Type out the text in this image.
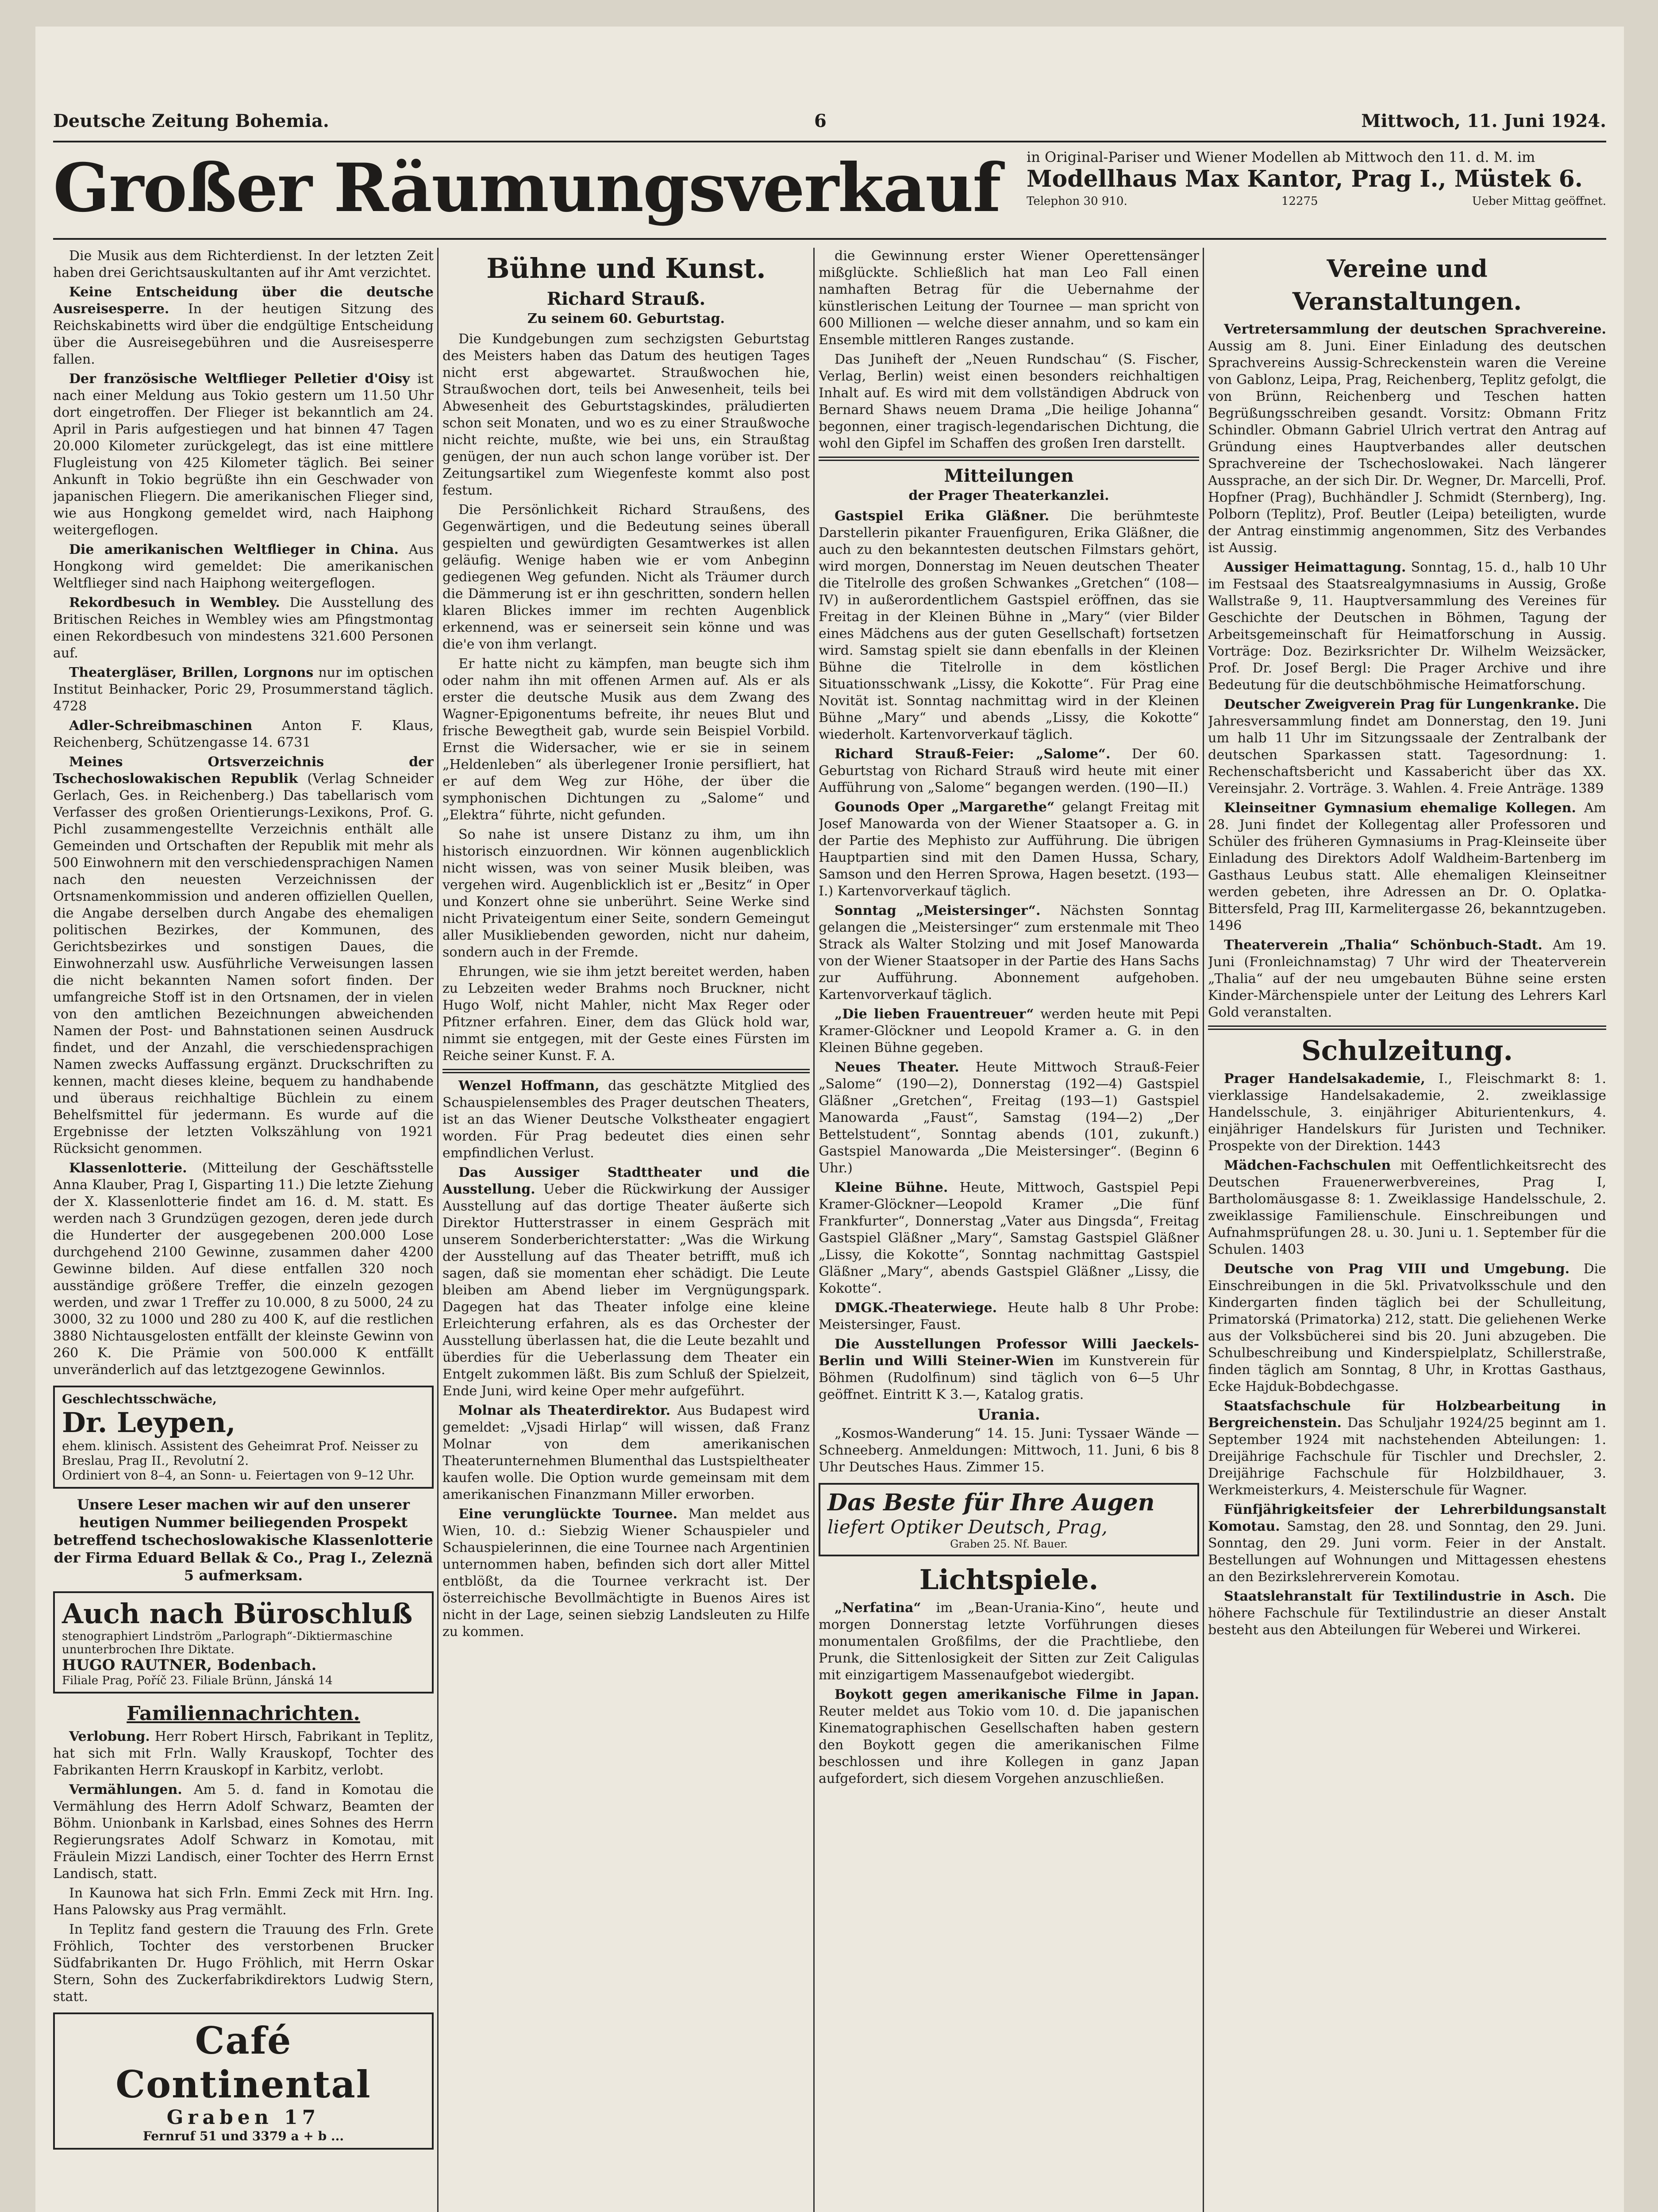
Deutsche Zeitung Bohemia.	6	Mittwoch, 11. Juni 1924.
Großer Räumungsverkauf	in Original-Pariser und Wiener Modellen ab Mittwoch den 11. d. M. im
Modellhaus Max Kantor, Prag I., Müstek 6.
Telephon 30 910.	12275	Ueber Mittag geöffnet.

Die Musik aus dem Richterdienst. In der letzten Zeit haben drei Gerichtsauskultanten auf ihr Amt verzichtet.

Keine Entscheidung über die deutsche Ausreisesperre. In der heutigen Sitzung des Reichskabinetts wird über die endgültige Entscheidung über die Ausreisegebühren und die Ausreisesperre fallen.

Der französische Weltflieger Pelletier d'Oisy ist nach einer Meldung aus Tokio gestern um 11.50 Uhr dort eingetroffen. Der Flieger ist bekanntlich am 24. April in Paris aufgestiegen und hat binnen 47 Tagen 20.000 Kilometer zurückgelegt, das ist eine mittlere Flugleistung von 425 Kilometer täglich. Bei seiner Ankunft in Tokio begrüßte ihn ein Geschwader von japanischen Fliegern. Die amerikanischen Flieger sind, wie aus Hongkong gemeldet wird, nach Haiphong weitergeflogen.

Die amerikanischen Weltflieger in China. Aus Hongkong wird gemeldet: Die amerikanischen Weltflieger sind nach Haiphong weitergeflogen.

Rekordbesuch in Wembley. Die Ausstellung des Britischen Reiches in Wembley wies am Pfingstmontag einen Rekordbesuch von mindestens 321.600 Personen auf.

Theatergläser, Brillen, Lorgnons nur im optischen Institut Beinhacker, Poric 29, Prosummerstand täglich. 4728

Adler-Schreibmaschinen Anton F. Klaus, Reichenberg, Schützengasse 14. 6731

Meines Ortsverzeichnis der Tschechoslowakischen Republik (Verlag Schneider Gerlach, Ges. in Reichenberg.) Das tabellarisch vom Verfasser des großen Orientierungs-Lexikons, Prof. G. Pichl zusammengestellte Verzeichnis enthält alle Gemeinden und Ortschaften der Republik mit mehr als 500 Einwohnern mit den verschiedensprachigen Namen nach den neuesten Verzeichnissen der Ortsnamenkommission und anderen offiziellen Quellen, die Angabe derselben durch Angabe des ehemaligen politischen Bezirkes, der Kommunen, des Gerichtsbezirkes und sonstigen Daues, die Einwohnerzahl usw. Ausführliche Verweisungen lassen die nicht bekannten Namen sofort finden. Der umfangreiche Stoff ist in den Ortsnamen, der in vielen von den amtlichen Bezeichnungen abweichenden Namen der Post- und Bahnstationen seinen Ausdruck findet, und der Anzahl, die verschiedensprachigen Namen zwecks Auffassung ergänzt. Druckschriften zu kennen, macht dieses kleine, bequem zu handhabende und überaus reichhaltige Büchlein zu einem Behelfsmittel für jedermann. Es wurde auf die Ergebnisse der letzten Volkszählung von 1921 Rücksicht genommen.

Klassenlotterie. (Mitteilung der Geschäftsstelle Anna Klauber, Prag I, Gisparting 11.) Die letzte Ziehung der X. Klassenlotterie findet am 16. d. M. statt. Es werden nach 3 Grundzügen gezogen, deren jede durch die Hunderter der ausgegebenen 200.000 Lose durchgehend 2100 Gewinne, zusammen daher 4200 Gewinne bilden. Auf diese entfallen 320 noch ausständige größere Treffer, die einzeln gezogen werden, und zwar 1 Treffer zu 10.000, 8 zu 5000, 24 zu 3000, 32 zu 1000 und 280 zu 400 K, auf die restlichen 3880 Nichtausgelosten entfällt der kleinste Gewinn von 260 K. Die Prämie von 500.000 K entfällt unveränderlich auf das letztgezogene Gewinnlos.

Geschlechtsschwäche,
Dr. Leypen,
ehem. klinisch. Assistent des Geheimrat Prof. Neisser zu Breslau, Prag II., Revolutní 2.
Ordiniert von 8–4, an Sonn- u. Feiertagen von 9–12 Uhr.
Unsere Leser machen wir auf den unserer heutigen Nummer beiliegenden Prospekt betreffend tschechoslowakische Klassenlotterie der Firma Eduard Bellak & Co., Prag I., Zeleznä 5 aufmerksam.
Auch nach Büroschluß
stenographiert Lindström „Parlograph“-Diktiermaschine ununterbrochen Ihre Diktate.
HUGO RAUTNER, Bodenbach.
Filiale Prag, Poříč 23. Filiale Brünn, Jánská 14
Familiennachrichten.

Verlobung. Herr Robert Hirsch, Fabrikant in Teplitz, hat sich mit Frln. Wally Krauskopf, Tochter des Fabrikanten Herrn Krauskopf in Karbitz, verlobt.

Vermählungen. Am 5. d. fand in Komotau die Vermählung des Herrn Adolf Schwarz, Beamten der Böhm. Unionbank in Karlsbad, eines Sohnes des Herrn Regierungsrates Adolf Schwarz in Komotau, mit Fräulein Mizzi Landisch, einer Tochter des Herrn Ernst Landisch, statt.

In Kaunowa hat sich Frln. Emmi Zeck mit Hrn. Ing. Hans Palowsky aus Prag vermählt.

In Teplitz fand gestern die Trauung des Frln. Grete Fröhlich, Tochter des verstorbenen Brucker Südfabrikanten Dr. Hugo Fröhlich, mit Herrn Oskar Stern, Sohn des Zuckerfabrikdirektors Ludwig Stern, statt.

Café Continental
Graben 17
Fernruf 51 und 3379 a + b ...
Bühne und Kunst.
Richard Strauß.
Zu seinem 60. Geburtstag.

Die Kundgebungen zum sechzigsten Geburtstag des Meisters haben das Datum des heutigen Tages nicht erst abgewartet. Straußwochen hie, Straußwochen dort, teils bei Anwesenheit, teils bei Abwesenheit des Geburtstagskindes, präludierten schon seit Monaten, und wo es zu einer Straußwoche nicht reichte, mußte, wie bei uns, ein Straußtag genügen, der nun auch schon lange vorüber ist. Der Zeitungsartikel zum Wiegenfeste kommt also post festum.

Die Persönlichkeit Richard Straußens, des Gegenwärtigen, und die Bedeutung seines überall gespielten und gewürdigten Gesamtwerkes ist allen geläufig. Wenige haben wie er vom Anbeginn gediegenen Weg gefunden. Nicht als Träumer durch die Dämmerung ist er ihn geschritten, sondern hellen klaren Blickes immer im rechten Augenblick erkennend, was er seinerseit sein könne und was die'e von ihm verlangt.

Er hatte nicht zu kämpfen, man beugte sich ihm oder nahm ihn mit offenen Armen auf. Als er als erster die deutsche Musik aus dem Zwang des Wagner-Epigonentums befreite, ihr neues Blut und frische Bewegtheit gab, wurde sein Beispiel Vorbild. Ernst die Widersacher, wie er sie in seinem „Heldenleben“ als überlegener Ironie persifliert, hat er auf dem Weg zur Höhe, der über die symphonischen Dichtungen zu „Salome“ und „Elektra“ führte, nicht gefunden.

So nahe ist unsere Distanz zu ihm, um ihn historisch einzuordnen. Wir können augenblicklich nicht wissen, was von seiner Musik bleiben, was vergehen wird. Augenblicklich ist er „Besitz“ in Oper und Konzert ohne sie unberührt. Seine Werke sind nicht Privateigentum einer Seite, sondern Gemeingut aller Musikliebenden geworden, nicht nur daheim, sondern auch in der Fremde.

Ehrungen, wie sie ihm jetzt bereitet werden, haben zu Lebzeiten weder Brahms noch Bruckner, nicht Hugo Wolf, nicht Mahler, nicht Max Reger oder Pfitzner erfahren. Einer, dem das Glück hold war, nimmt sie entgegen, mit der Geste eines Fürsten im Reiche seiner Kunst. F. A.

Wenzel Hoffmann, das geschätzte Mitglied des Schauspielensembles des Prager deutschen Theaters, ist an das Wiener Deutsche Volkstheater engagiert worden. Für Prag bedeutet dies einen sehr empfindlichen Verlust.

Das Aussiger Stadttheater und die Ausstellung. Ueber die Rückwirkung der Aussiger Ausstellung auf das dortige Theater äußerte sich Direktor Hutterstrasser in einem Gespräch mit unserem Sonderberichterstatter: „Was die Wirkung der Ausstellung auf das Theater betrifft, muß ich sagen, daß sie momentan eher schädigt. Die Leute bleiben am Abend lieber im Vergnügungspark. Dagegen hat das Theater infolge eine kleine Erleichterung erfahren, als es das Orchester der Ausstellung überlassen hat, die die Leute bezahlt und überdies für die Ueberlassung dem Theater ein Entgelt zukommen läßt. Bis zum Schluß der Spielzeit, Ende Juni, wird keine Oper mehr aufgeführt.

Molnar als Theaterdirektor. Aus Budapest wird gemeldet: „Vjsadi Hirlap“ will wissen, daß Franz Molnar von dem amerikanischen Theaterunternehmen Blumenthal das Lustspieltheater kaufen wolle. Die Option wurde gemeinsam mit dem amerikanischen Finanzmann Miller erworben.

Eine verunglückte Tournee. Man meldet aus Wien, 10. d.: Siebzig Wiener Schauspieler und Schauspielerinnen, die eine Tournee nach Argentinien unternommen haben, befinden sich dort aller Mittel entblößt, da die Tournee verkracht ist. Der österreichische Bevollmächtigte in Buenos Aires ist nicht in der Lage, seinen siebzig Landsleuten zu Hilfe zu kommen.

die Gewinnung erster Wiener Operettensänger mißglückte. Schließlich hat man Leo Fall einen namhaften Betrag für die Uebernahme der künstlerischen Leitung der Tournee — man spricht von 600 Millionen — welche dieser annahm, und so kam ein Ensemble mittleren Ranges zustande.

Das Juniheft der „Neuen Rundschau“ (S. Fischer, Verlag, Berlin) weist einen besonders reichhaltigen Inhalt auf. Es wird mit dem vollständigen Abdruck von Bernard Shaws neuem Drama „Die heilige Johanna“ begonnen, einer tragisch-legendarischen Dichtung, die wohl den Gipfel im Schaffen des großen Iren darstellt.

Mitteilungen
der Prager Theaterkanzlei.

Gastspiel Erika Gläßner. Die berühmteste Darstellerin pikanter Frauenfiguren, Erika Gläßner, die auch zu den bekanntesten deutschen Filmstars gehört, wird morgen, Donnerstag im Neuen deutschen Theater die Titelrolle des großen Schwankes „Gretchen“ (108—IV) in außerordentlichem Gastspiel eröffnen, das sie Freitag in der Kleinen Bühne in „Mary“ (vier Bilder eines Mädchens aus der guten Gesellschaft) fortsetzen wird. Samstag spielt sie dann ebenfalls in der Kleinen Bühne die Titelrolle in dem köstlichen Situationsschwank „Lissy, die Kokotte“. Für Prag eine Novität ist. Sonntag nachmittag wird in der Kleinen Bühne „Mary“ und abends „Lissy, die Kokotte“ wiederholt. Kartenvorverkauf täglich.

Richard Strauß-Feier: „Salome“. Der 60. Geburtstag von Richard Strauß wird heute mit einer Aufführung von „Salome“ begangen werden. (190—II.)

Gounods Oper „Margarethe“ gelangt Freitag mit Josef Manowarda von der Wiener Staatsoper a. G. in der Partie des Mephisto zur Aufführung. Die übrigen Hauptpartien sind mit den Damen Hussa, Schary, Samson und den Herren Sprowa, Hagen besetzt. (193—I.) Kartenvorverkauf täglich.

Sonntag „Meistersinger“. Nächsten Sonntag gelangen die „Meistersinger“ zum erstenmale mit Theo Strack als Walter Stolzing und mit Josef Manowarda von der Wiener Staatsoper in der Partie des Hans Sachs zur Aufführung. Abonnement aufgehoben. Kartenvorverkauf täglich.

„Die lieben Frauentreuer“ werden heute mit Pepi Kramer-Glöckner und Leopold Kramer a. G. in den Kleinen Bühne gegeben.

Neues Theater. Heute Mittwoch Strauß-Feier „Salome“ (190—2), Donnerstag (192—4) Gastspiel Gläßner „Gretchen“, Freitag (193—1) Gastspiel Manowarda „Faust“, Samstag (194—2) „Der Bettelstudent“, Sonntag abends (101, zukunft.) Gastspiel Manowarda „Die Meistersinger“. (Beginn 6 Uhr.)

Kleine Bühne. Heute, Mittwoch, Gastspiel Pepi Kramer-Glöckner—Leopold Kramer „Die fünf Frankfurter“, Donnerstag „Vater aus Dingsda“, Freitag Gastspiel Gläßner „Mary“, Samstag Gastspiel Gläßner „Lissy, die Kokotte“, Sonntag nachmittag Gastspiel Gläßner „Mary“, abends Gastspiel Gläßner „Lissy, die Kokotte“.

DMGK.-Theaterwiege. Heute halb 8 Uhr Probe: Meistersinger, Faust.

Die Ausstellungen Professor Willi Jaeckels-Berlin und Willi Steiner-Wien im Kunstverein für Böhmen (Rudolfinum) sind täglich von 6—5 Uhr geöffnet. Eintritt K 3.—, Katalog gratis.

Urania.

„Kosmos-Wanderung“ 14. 15. Juni: Tyssaer Wände — Schneeberg. Anmeldungen: Mittwoch, 11. Juni, 6 bis 8 Uhr Deutsches Haus. Zimmer 15.

Das Beste für Ihre Augen
liefert Optiker Deutsch, Prag,
Graben 25. Nf. Bauer.
Lichtspiele.

„Nerfatina“ im „Bean-Urania-Kino“, heute und morgen Donnerstag letzte Vorführungen dieses monumentalen Großfilms, der die Prachtliebe, den Prunk, die Sittenlosigkeit der Sitten zur Zeit Caligulas mit einzigartigem Massenaufgebot wiedergibt.

Boykott gegen amerikanische Filme in Japan. Reuter meldet aus Tokio vom 10. d. Die japanischen Kinematographischen Gesellschaften haben gestern den Boykott gegen die amerikanischen Filme beschlossen und ihre Kollegen in ganz Japan aufgefordert, sich diesem Vorgehen anzuschließen.

Vereine und Veranstaltungen.

Vertretersammlung der deutschen Sprachvereine. Aussig am 8. Juni. Einer Einladung des deutschen Sprachvereins Aussig-Schreckenstein waren die Vereine von Gablonz, Leipa, Prag, Reichenberg, Teplitz gefolgt, die von Brünn, Reichenberg und Teschen hatten Begrüßungsschreiben gesandt. Vorsitz: Obmann Fritz Schindler. Obmann Gabriel Ulrich vertrat den Antrag auf Gründung eines Hauptverbandes aller deutschen Sprachvereine der Tschechoslowakei. Nach längerer Aussprache, an der sich Dir. Dr. Wegner, Dr. Marcelli, Prof. Hopfner (Prag), Buchhändler J. Schmidt (Sternberg), Ing. Polborn (Teplitz), Prof. Beutler (Leipa) beteiligten, wurde der Antrag einstimmig angenommen, Sitz des Verbandes ist Aussig.

Aussiger Heimattagung. Sonntag, 15. d., halb 10 Uhr im Festsaal des Staatsrealgymnasiums in Aussig, Große Wallstraße 9, 11. Hauptversammlung des Vereines für Geschichte der Deutschen in Böhmen, Tagung der Arbeitsgemeinschaft für Heimatforschung in Aussig. Vorträge: Doz. Bezirksrichter Dr. Wilhelm Weizsäcker, Prof. Dr. Josef Bergl: Die Prager Archive und ihre Bedeutung für die deutschböhmische Heimatforschung.

Deutscher Zweigverein Prag für Lungenkranke. Die Jahresversammlung findet am Donnerstag, den 19. Juni um halb 11 Uhr im Sitzungssaale der Zentralbank der deutschen Sparkassen statt. Tagesordnung: 1. Rechenschaftsbericht und Kassabericht über das XX. Vereinsjahr. 2. Vorträge. 3. Wahlen. 4. Freie Anträge. 1389

Kleinseitner Gymnasium ehemalige Kollegen. Am 28. Juni findet der Kollegentag aller Professoren und Schüler des früheren Gymnasiums in Prag-Kleinseite über Einladung des Direktors Adolf Waldheim-Bartenberg im Gasthaus Leubus statt. Alle ehemaligen Kleinseitner werden gebeten, ihre Adressen an Dr. O. Oplatka-Bittersfeld, Prag III, Karmelitergasse 26, bekanntzugeben. 1496

Theaterverein „Thalia“ Schönbuch-Stadt. Am 19. Juni (Fronleichnamstag) 7 Uhr wird der Theaterverein „Thalia“ auf der neu umgebauten Bühne seine ersten Kinder-Märchenspiele unter der Leitung des Lehrers Karl Gold veranstalten.

Schulzeitung.

Prager Handelsakademie, I., Fleischmarkt 8: 1. vierklassige Handelsakademie, 2. zweiklassige Handelsschule, 3. einjähriger Abiturientenkurs, 4. einjähriger Handelskurs für Juristen und Techniker. Prospekte von der Direktion. 1443

Mädchen-Fachschulen mit Oeffentlichkeitsrecht des Deutschen Frauenerwerbvereines, Prag I, Bartholomäusgasse 8: 1. Zweiklassige Handelsschule, 2. zweiklassige Familienschule. Einschreibungen und Aufnahmsprüfungen 28. u. 30. Juni u. 1. September für die Schulen. 1403

Deutsche von Prag VIII und Umgebung. Die Einschreibungen in die 5kl. Privatvolksschule und den Kindergarten finden täglich bei der Schulleitung, Primatorská (Primatorka) 212, statt. Die geliehenen Werke aus der Volksbücherei sind bis 20. Juni abzugeben. Die Schulbeschreibung und Kinderspielplatz, Schillerstraße, finden täglich am Sonntag, 8 Uhr, in Krottas Gasthaus, Ecke Hajduk-Bobdechgasse.

Staatsfachschule für Holzbearbeitung in Bergreichenstein. Das Schuljahr 1924/25 beginnt am 1. September 1924 mit nachstehenden Abteilungen: 1. Dreijährige Fachschule für Tischler und Drechsler, 2. Dreijährige Fachschule für Holzbildhauer, 3. Werkmeisterkurs, 4. Meisterschule für Wagner.

Fünfjährigkeitsfeier der Lehrerbildungsanstalt Komotau. Samstag, den 28. und Sonntag, den 29. Juni. Sonntag, den 29. Juni vorm. Feier in der Anstalt. Bestellungen auf Wohnungen und Mittagessen ehestens an den Bezirkslehrerverein Komotau.

Staatslehranstalt für Textilindustrie in Asch. Die höhere Fachschule für Textilindustrie an dieser Anstalt besteht aus den Abteilungen für Weberei und Wirkerei.
